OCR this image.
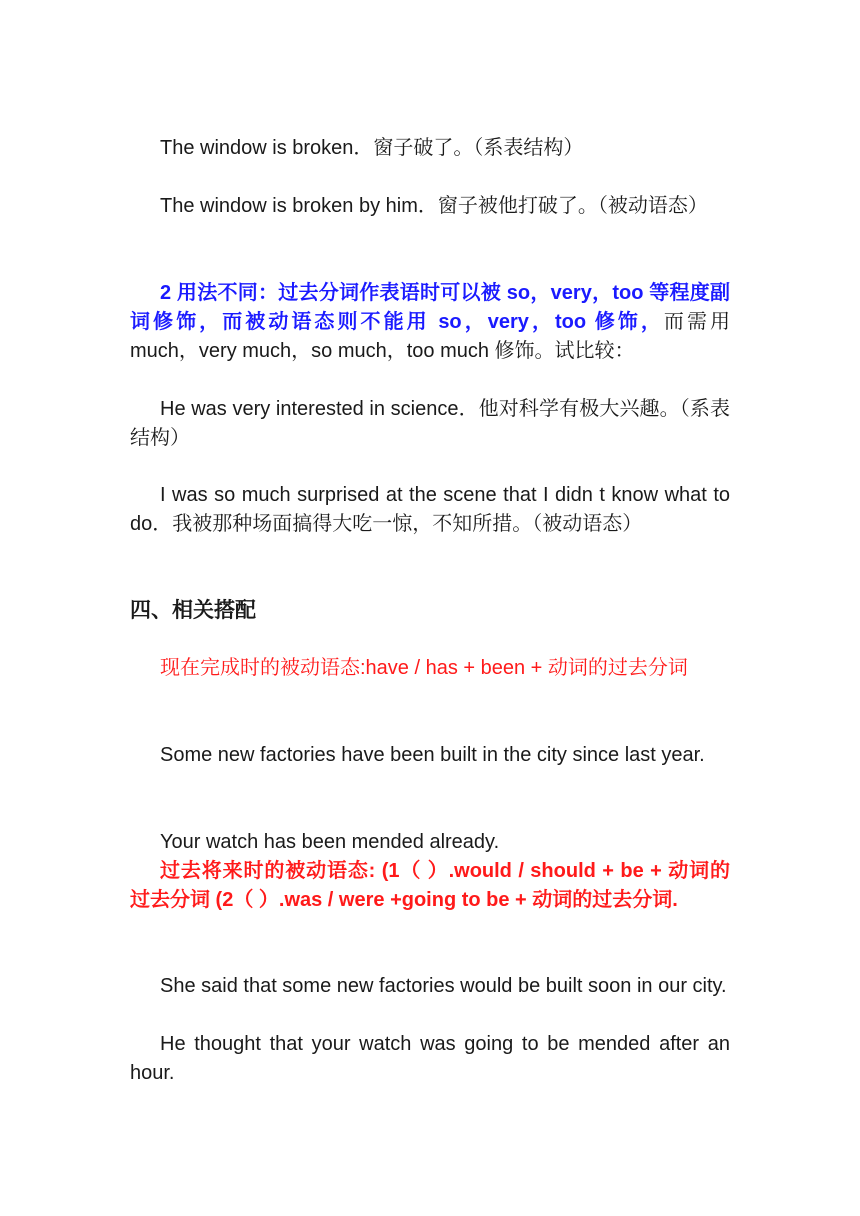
The window is broken．窗子破了。（系表结构）

The window is broken by him．窗子被他打破了。（被动语态）

2 用法不同：过去分词作表语时可以被 so，very，too 等程度副词修饰，而被动语态则不能用 so，very，too 修饰，而需用 much，very much，so much，too much 修饰。试比较：

He was very interested in science．他对科学有极大兴趣。（系表结构）

I was so much surprised at the scene that I didn t know what to do．我被那种场面搞得大吃一惊，不知所措。（被动语态）

四、相关搭配

现在完成时的被动语态:have / has + been + 动词的过去分词

Some new factories have been built in the city since last year.

Your watch has been mended already.

过去将来时的被动语态: (1（ ）.would / should + be + 动词的过去分词 (2（ ）.was / were +going to be + 动词的过去分词.

She said that some new factories would be built soon in our city.

He thought that your watch was going to be mended after an hour.
